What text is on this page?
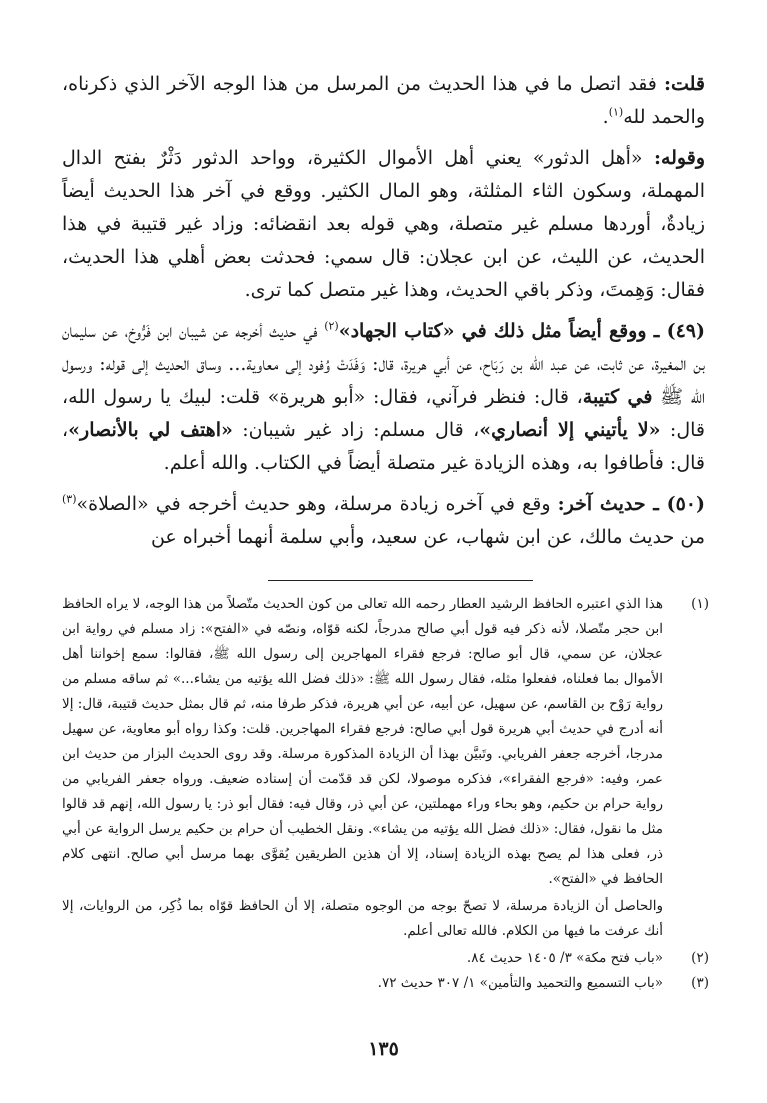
قلت: فقد اتصل ما في هذا الحديث من المرسل من هذا الوجه الآخر الذي ذكرناه، والحمد لله$^{(١)}$.

وقوله: «أهل الدثور» يعني أهل الأموال الكثيرة، وواحد الدثور دَثْرٌ بفتح الدال المهملة، وسكون الثاء المثلثة، وهو المال الكثير. ووقع في آخر هذا الحديث أيضاً زيادةٌ، أوردها مسلم غير متصلة، وهي قوله بعد انقضائه: وزاد غير قتيبة في هذا الحديث، عن الليث، عن ابن عجلان: قال سمي: فحدثت بعض أهلي هذا الحديث، فقال: وَهِمتَ، وذكر باقي الحديث، وهذا غير متصل كما ترى.

(٤٩) ـ ووقع أيضاً مثل ذلك في «كتاب الجهاد»$^{(٢)}$ في حديث أخرجه عن شيبان ابن فَرُّوخ، عن سليمان بن المغيرة، عن ثابت، عن عبد الله بن رَبَاح، عن أبي هريرة، قال: وَفَدَتْ وُفود إلى معاوية... وساق الحديث إلى قوله: ورسول الله ﷺ في كتيبة، قال: فنظر فرآني، فقال: «أبو هريرة» قلت: لبيك يا رسول الله، قال: «لا يأتيني إلا أنصاري»، قال مسلم: زاد غير شيبان: «اهتف لي بالأنصار»، قال: فأطافوا به، وهذه الزيادة غير متصلة أيضاً في الكتاب. والله أعلم.

(٥٠) ـ حديث آخر: وقع في آخره زيادة مرسلة، وهو حديث أخرجه في «الصلاة»$^{(٣)}$ من حديث مالك، عن ابن شهاب، عن سعيد، وأبي سلمة أنهما أخبراه عن

(١)
هذا الذي اعتبره الحافظ الرشيد العطار رحمه الله تعالى من كون الحديث متّصلاً من هذا الوجه، لا يراه الحافظ ابن حجر متّصلا، لأنه ذكر فيه قول أبي صالح مدرجاً، لكنه قوّاه، ونصّه في «الفتح»: زاد مسلم في رواية ابن عجلان، عن سمي، قال أبو صالح: فرجع فقراء المهاجرين إلى رسول الله ﷺ، فقالوا: سمع إخواننا أهل الأموال بما فعلناه، ففعلوا مثله، فقال رسول الله ﷺ: «ذلك فضل الله يؤتيه من يشاء...» ثم ساقه مسلم من رواية رَوْح بن القاسم، عن سهيل، عن أبيه، عن أبي هريرة، فذكر طرفا منه، ثم قال بمثل حديث قتيبة، قال: إلا أنه أدرج في حديث أبي هريرة قول أبي صالح: فرجع فقراء المهاجرين. قلت: وكذا رواه أبو معاوية، عن سهيل مدرجا، أخرجه جعفر الفريابي. وتَبيَّن بهذا أن الزيادة المذكورة مرسلة. وقد روى الحديث البزار من حديث ابن عمر، وفيه: «فرجع الفقراء»، فذكره موصولا، لكن قد قدّمت أن إسناده ضعيف. ورواه جعفر الفريابي من رواية حرام بن حكيم، وهو بحاء وراء مهملتين، عن أبي ذر، وقال فيه: فقال أبو ذر: يا رسول الله، إنهم قد قالوا مثل ما نقول، فقال: «ذلك فضل الله يؤتيه من يشاء». ونقل الخطيب أن حرام بن حكيم يرسل الرواية عن أبي ذر، فعلى هذا لم يصح بهذه الزيادة إسناد، إلا أن هذين الطريقين يُقوَّى بهما مرسل أبي صالح. انتهى كلام الحافظ في «الفتح».
والحاصل أن الزيادة مرسلة، لا تصحّ بوجه من الوجوه متصلة، إلا أن الحافظ قوّاه بما ذُكِر، من الروايات، إلا أنك عرفت ما فيها من الكلام. فالله تعالى أعلم.
(٢)
«باب فتح مكة» ٣/ ١٤٠٥ حديث ٨٤.
(٣)
«باب التسميع والتحميد والتأمين» ١/ ٣٠٧ حديث ٧٢.
١٣٥
